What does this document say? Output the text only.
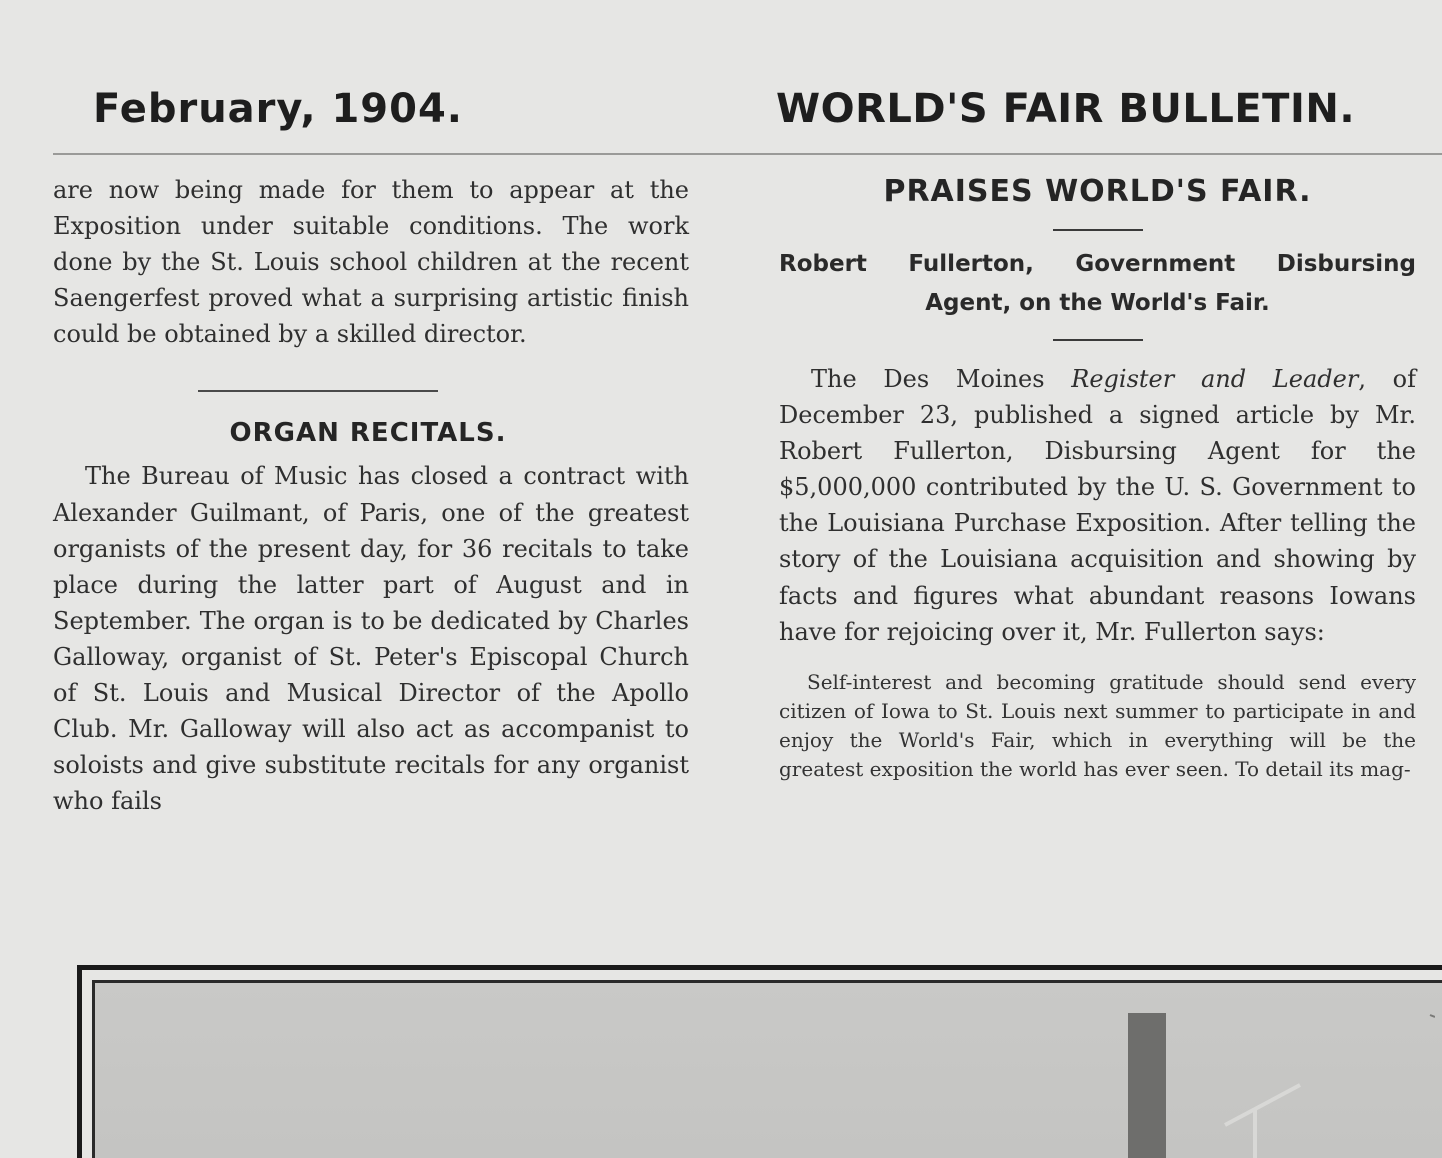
February, 1904.	WORLD'S FAIR BULLETIN.

are now being made for them to appear at the Exposition under suitable conditions. The work done by the St. Louis school children at the recent Saengerfest proved what a surprising artistic finish could be obtained by a skilled director.

ORGAN RECITALS.

The Bureau of Music has closed a contract with Alexander Guilmant, of Paris, one of the greatest organists of the present day, for 36 recitals to take place during the latter part of August and in September. The organ is to be dedicated by Charles Galloway, organist of St. Peter's Episcopal Church of St. Louis and Musical Director of the Apollo Club. Mr. Galloway will also act as accompanist to soloists and give substitute recitals for any organist who fails

PRAISES WORLD'S FAIR.
Robert Fullerton, Government Disbursing
Agent, on the World's Fair.

The Des Moines Register and Leader, of December 23, published a signed article by Mr. Robert Fullerton, Disbursing Agent for the $5,000,000 contributed by the U. S. Government to the Louisiana Purchase Exposition. After telling the story of the Louisiana acquisition and showing by facts and figures what abundant reasons Iowans have for rejoicing over it, Mr. Fullerton says:

Self-interest and becoming gratitude should send every citizen of Iowa to St. Louis next summer to participate in and enjoy the World's Fair, which in everything will be the greatest exposition the world has ever seen. To detail its mag-
